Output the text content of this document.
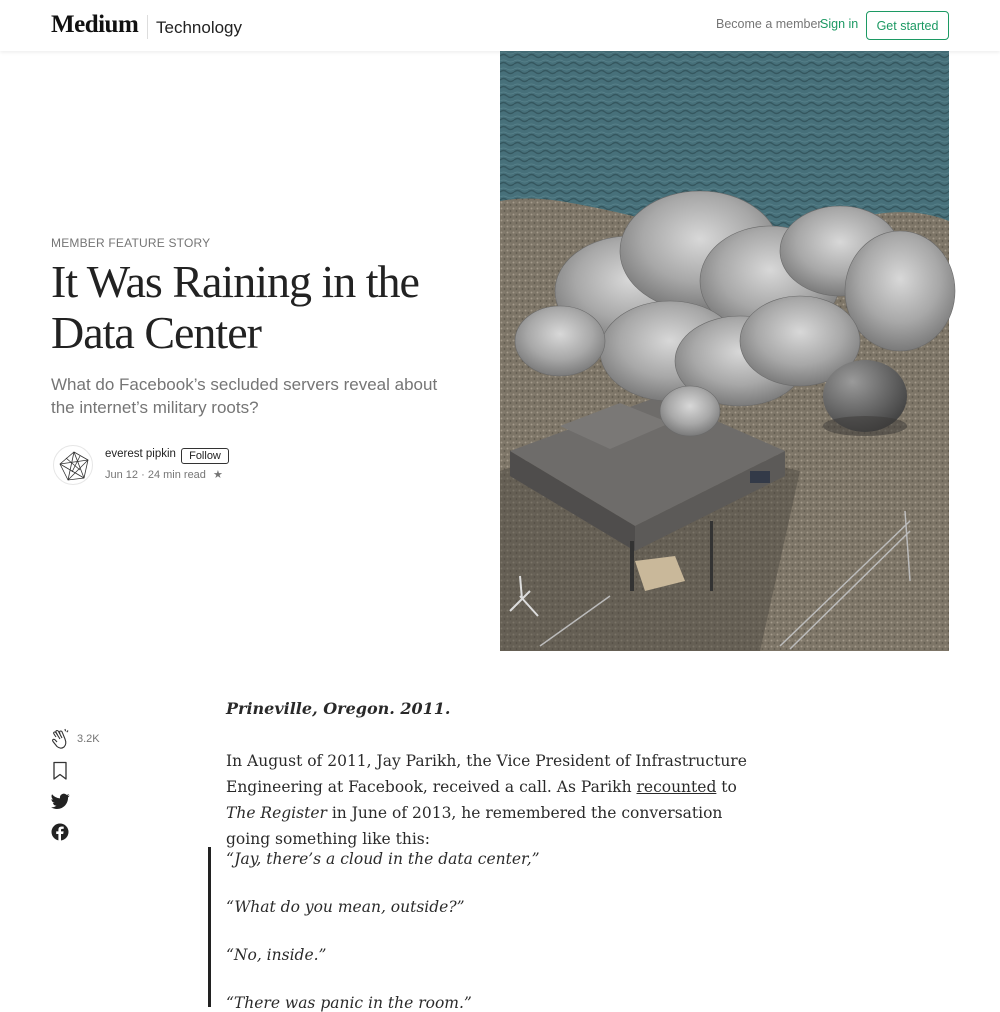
Medium Technology	Become a member
Sign in	Get started
MEMBER FEATURE STORY
It Was Raining in the Data Center
What do Facebook’s secluded servers reveal about the internet’s military roots?
everest pipkin	Follow
Jun 12 · 24 min read ★
3.2K
Prineville, Oregon. 2011.

In August of 2011, Jay Parikh, the Vice President of Infrastructure Engineering at Facebook, received a call. As Parikh recounted to The Register in June of 2013, he remembered the conversation going something like this:

“Jay, there’s a cloud in the data center,”
“What do you mean, outside?”
“No, inside.”
“There was panic in the room.”
